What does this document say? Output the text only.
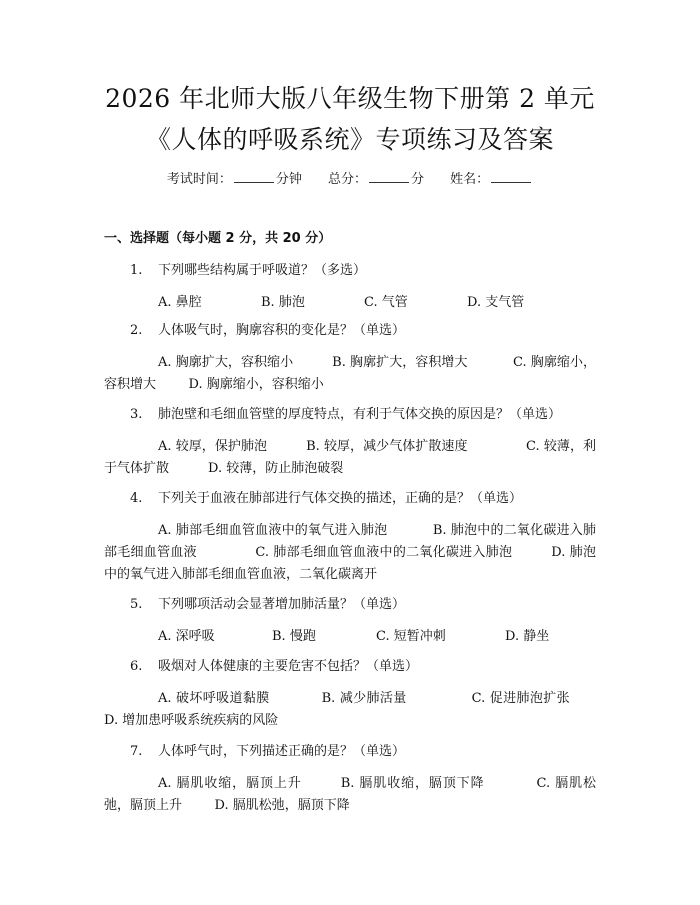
2026 年北师大版八年级生物下册第 2 单元
《人体的呼吸系统》专项练习及答案
考试时间：	分钟 总分：	分 姓名：
一、选择题（每小题 2 分，共 20 分）
1.	下列哪些结构属于呼吸道？（多选）
A. 鼻腔	B. 肺泡	C. 气管	D. 支气管
2.	人体吸气时，胸廓容积的变化是？（单选）
A. 胸廓扩大，容积缩小   	B. 胸廓扩大，容积增大    	C. 胸廓缩小，容积增大   	D. 胸廓缩小，容积缩小
3.	肺泡壁和毛细血管壁的厚度特点，有利于气体交换的原因是？（单选）
A. 较厚，保护肺泡   	B. 较厚，减少气体扩散速度     	C. 较薄，利于气体扩散   	D. 较薄，防止肺泡破裂
4.	下列关于血液在肺部进行气体交换的描述，正确的是？（单选）
A. 肺部毛细血管血液中的氧气进入肺泡    	B. 肺泡中的二氧化碳进入肺部毛细血管血液     	C. 肺部毛细血管血液中的二氧化碳进入肺泡   	D. 肺泡中的氧气进入肺部毛细血管血液，二氧化碳离开
5.	下列哪项活动会显著增加肺活量？（单选）
A. 深呼吸	B. 慢跑	C. 短暂冲刺	D. 静坐
6.	吸烟对人体健康的主要危害不包括？（单选）
A. 破坏呼吸道黏膜    	B. 减少肺活量     	C. 促进肺泡扩张  D. 增加患呼吸系统疾病的风险
7.	人体呼气时，下列描述正确的是？（单选）
A. 膈肌收缩，膈顶上升   	B. 膈肌收缩，膈顶下降    	C. 膈肌松弛，膈顶上升   	D. 膈肌松弛，膈顶下降
